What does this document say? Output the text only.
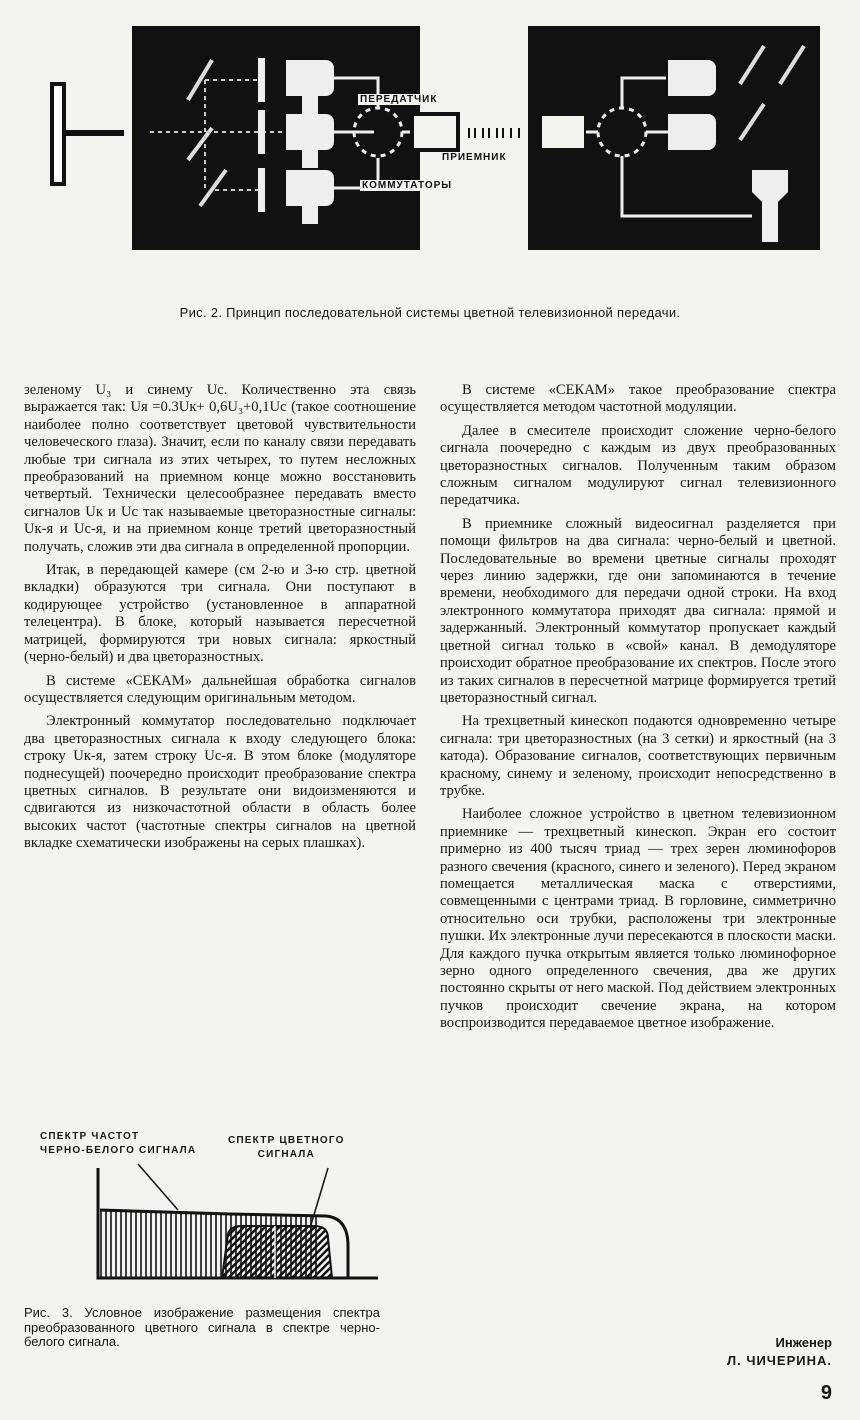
ПЕРЕДАТЧИК
ПРИЕМНИК
КОММУТАТОРЫ
Рис. 2. Принцип последовательной системы цветной телевизионной передачи.

зеленому U₃ и синему Uc. Количественно эта связь выражается так: Uя =0.3Uк+ 0,6U₃+0,1Uc (такое соотношение наиболее полно соответствует цветовой чувствительности человеческого глаза). Значит, если по каналу связи передавать любые три сигнала из этих четырех, то путем несложных преобразований на приемном конце можно восстановить четвертый. Технически целесообразнее передавать вместо сигналов Uк и Uc так называемые цветоразностные сигналы: Uк-я и Uс-я, и на приемном конце третий цветоразностный получать, сложив эти два сигнала в определенной пропорции.

Итак, в передающей камере (см 2-ю и 3-ю стр. цветной вкладки) образуются три сигнала. Они поступают в кодирующее устройство (установленное в аппаратной телецентра). В блоке, который называется пересчетной матрицей, формируются три новых сигнала: яркостный (черно-белый) и два цветоразностных.

В системе «СЕКАМ» дальнейшая обработка сигналов осуществляется следующим оригинальным методом.

Электронный коммутатор последовательно подключает два цветоразностных сигнала к входу следующего блока: строку Uк-я, затем строку Uс-я. В этом блоке (модуляторе поднесущей) поочередно происходит преобразование спектра цветных сигналов. В результате они видоизменяются и сдвигаются из низкочастотной области в область более высоких частот (частотные спектры сигналов на цветной вкладке схематически изображены на серых плашках).

В системе «СЕКАМ» такое преобразование спектра осуществляется методом частотной модуляции.

Далее в смесителе происходит сложение черно-белого сигнала поочередно с каждым из двух преобразованных цветоразностных сигналов. Полученным таким образом сложным сигналом модулируют сигнал телевизионного передатчика.

В приемнике сложный видеосигнал разделяется при помощи фильтров на два сигнала: черно-белый и цветной. Последовательные во времени цветные сигналы проходят через линию задержки, где они запоминаются в течение времени, необходимого для передачи одной строки. На вход электронного коммутатора приходят два сигнала: прямой и задержанный. Электронный коммутатор пропускает каждый цветной сигнал только в «свой» канал. В демодуляторе происходит обратное преобразование их спектров. После этого из таких сигналов в пересчетной матрице формируется третий цветоразностный сигнал.

На трехцветный кинескоп подаются одновременно четыре сигнала: три цветоразностных (на 3 сетки) и яркостный (на 3 катода). Образование сигналов, соответствующих первичным красному, синему и зеленому, происходит непосредственно в трубке.

Наиболее сложное устройство в цветном телевизионном приемнике — трехцветный кинескоп. Экран его состоит примерно из 400 тысяч триад — трех зерен люминофоров разного свечения (красного, синего и зеленого). Перед экраном помещается металлическая маска с отверстиями, совмещенными с центрами триад. В горловине, симметрично относительно оси трубки, расположены три электронные пушки. Их электронные лучи пересекаются в плоскости маски. Для каждого пучка открытым является только люминофорное зерно одного определенного свечения, два же других постоянно скрыты от него маской. Под действием электронных пучков происходит свечение экрана, на котором воспроизводится передаваемое цветное изображение.

СПЕКТР ЧАСТОТ
ЧЕРНО-БЕЛОГО СИГНАЛА
СПЕКТР ЦВЕТНОГО
СИГНАЛА
Рис. 3. Условное изображение размещения спектра преобразованного цветного сигнала в спектре черно-белого сигнала.	Инженер
Л. ЧИЧЕРИНА.
9
